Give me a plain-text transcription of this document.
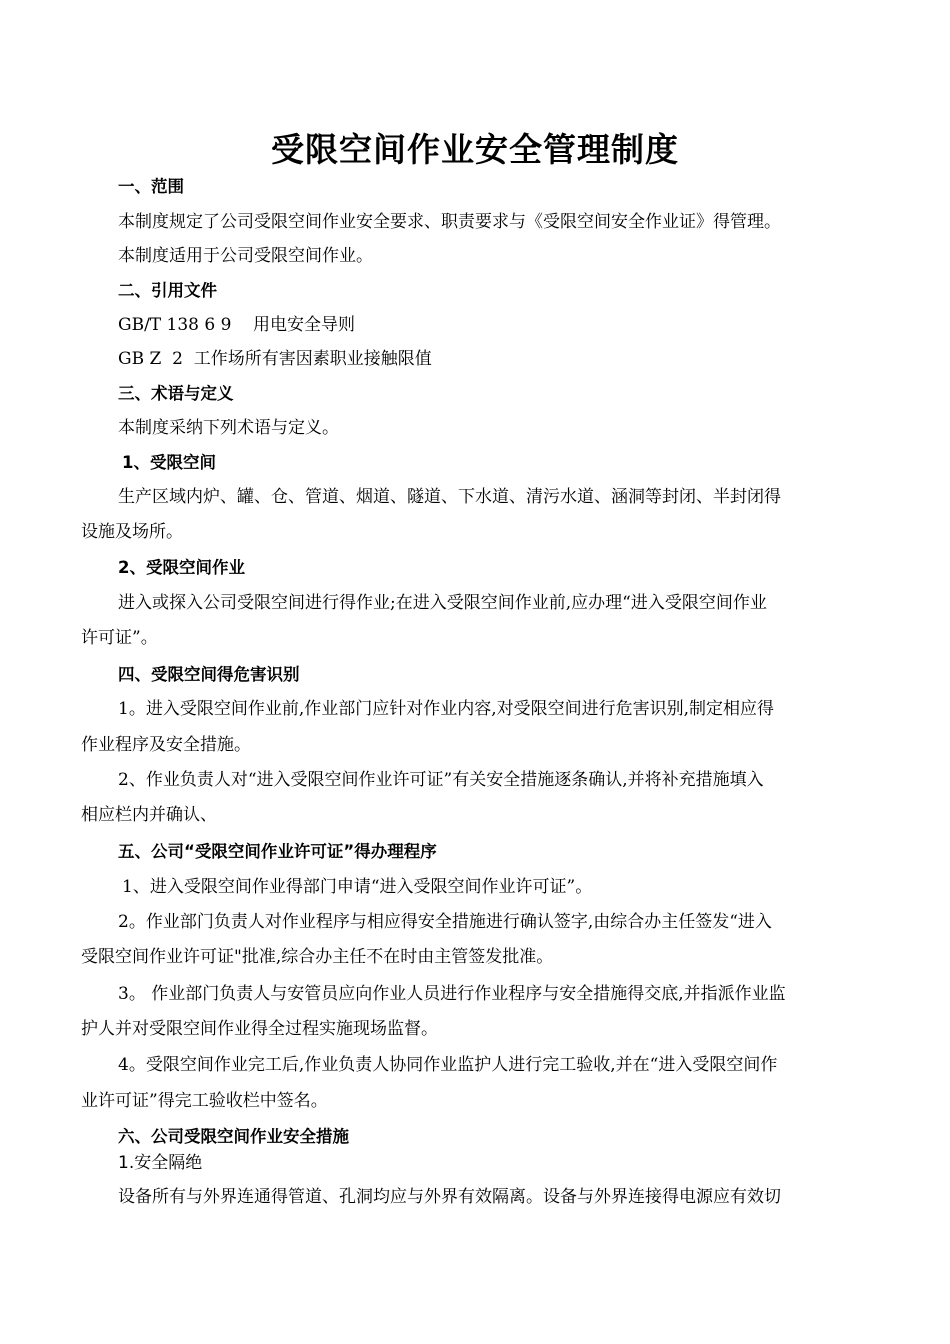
受限空间作业安全管理制度
一、范围
本制度规定了公司受限空间作业安全要求、职责要求与《受限空间安全作业证》得管理。
本制度适用于公司受限空间作业。
二、引用文件
GB/T 138 6 9    用电安全导则
GB Z  2  工作场所有害因素职业接触限值
三、术语与定义
本制度采纳下列术语与定义。
1、受限空间
生产区域内炉、罐、仓、管道、烟道、隧道、下水道、清污水道、涵洞等封闭、半封闭得
设施及场所。
2、受限空间作业
进入或探入公司受限空间进行得作业;在进入受限空间作业前,应办理“进入受限空间作业
许可证”。
四、受限空间得危害识别
1。进入受限空间作业前,作业部门应针对作业内容,对受限空间进行危害识别,制定相应得
作业程序及安全措施。
2、作业负责人对“进入受限空间作业许可证”有关安全措施逐条确认,并将补充措施填入
相应栏内并确认、
五、公司“受限空间作业许可证”得办理程序
1、进入受限空间作业得部门申请“进入受限空间作业许可证”。
2。作业部门负责人对作业程序与相应得安全措施进行确认签字,由综合办主任签发“进入
受限空间作业许可证"批准,综合办主任不在时由主管签发批准。
3。 作业部门负责人与安管员应向作业人员进行作业程序与安全措施得交底,并指派作业监
护人并对受限空间作业得全过程实施现场监督。
4。受限空间作业完工后,作业负责人协同作业监护人进行完工验收,并在“进入受限空间作
业许可证”得完工验收栏中签名。
六、公司受限空间作业安全措施
1.安全隔绝
设备所有与外界连通得管道、孔洞均应与外界有效隔离。设备与外界连接得电源应有效切
